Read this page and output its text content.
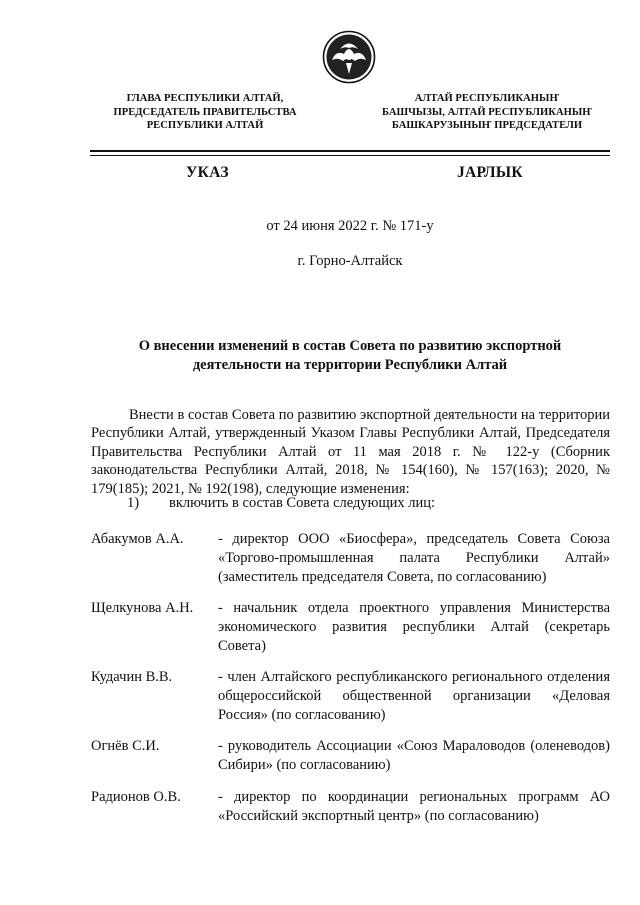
ГЛАВА РЕСПУБЛИКИ АЛТАЙ,
ПРЕДСЕДАТЕЛЬ ПРАВИТЕЛЬСТВА
РЕСПУБЛИКИ АЛТАЙ
АЛТАЙ РЕСПУБЛИКАНЫҤ
БАШЧЫЗЫ, АЛТАЙ РЕСПУБЛИКАНЫҤ
БАШКАРУЗЫНЫҤ ПРЕДСЕДАТЕЛИ
УКАЗ	ЈАРЛЫК
от 24 июня 2022 г. № 171-у
г. Горно-Алтайск
О внесении изменений в состав Совета по развитию экспортной деятельности на территории Республики Алтай
Внести в состав Совета по развитию экспортной деятельности на территории Республики Алтай, утвержденный Указом Главы Республики Алтай, Председателя Правительства Республики Алтай от 11 мая 2018 г. № 122-у (Сборник законодательства Республики Алтай, 2018, № 154(160), № 157(163); 2020, № 179(185); 2021, № 192(198), следующие изменения:
1) включить в состав Совета следующих лиц:
Абакумов А.А.	- директор ООО «Биосфера», председатель Совета Союза «Торгово-промышленная палата Республики Алтай» (заместитель председателя Совета, по согласованию)
Щелкунова А.Н.	- начальник отдела проектного управления Министерства экономического развития республики Алтай (секретарь Совета)
Кудачин В.В.	- член Алтайского республиканского регионального отделения общероссийской общественной организации «Деловая Россия» (по согласованию)
Огнёв С.И.	- руководитель Ассоциации «Союз Мараловодов (оленеводов) Сибири» (по согласованию)
Радионов О.В.	- директор по координации региональных программ АО «Российский экспортный центр» (по согласованию)
